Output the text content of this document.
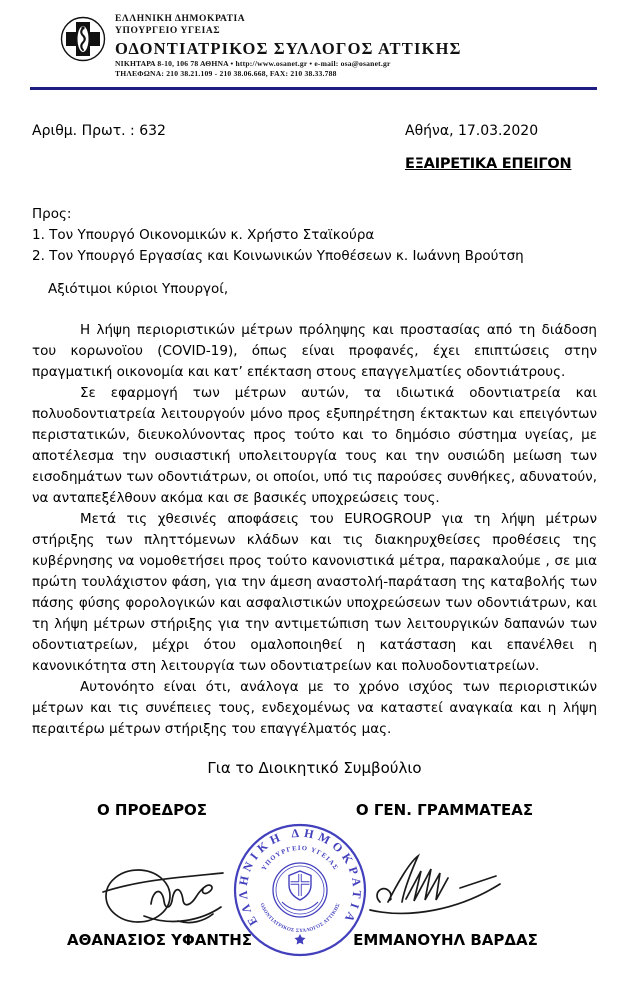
ΕΛΛΗΝΙΚΗ ΔΗΜΟΚΡΑΤΙΑ
ΥΠΟΥΡΓΕΙΟ ΥΓΕΙΑΣ
ΟΔΟΝΤΙΑΤΡΙΚΟΣ ΣΥΛΛΟΓΟΣ ΑΤΤΙΚΗΣ
ΝΙΚΗΤΑΡΑ 8-10, 106 78 ΑΘΗΝΑ • http://www.osanet.gr • e-mail: osa@osanet.gr
ΤΗΛΕΦΩΝΑ: 210 38.21.109 - 210 38.06.668, FAX: 210 38.33.788
Αριθμ. Πρωτ. : 632	Αθήνα, 17.03.2020
ΕΞΑΙΡΕΤΙΚΑ ΕΠΕΙΓΟΝ
Προς:
1. Τον Υπουργό Οικονομικών κ. Χρήστο Σταϊκούρα
2. Τον Υπουργό Εργασίας και Κοινωνικών Υποθέσεων κ. Ιωάννη Βρούτση
Αξιότιμοι κύριοι Υπουργοί,

Η λήψη περιοριστικών μέτρων πρόληψης και προστασίας από τη διάδοση του κορωνοϊου (COVID-19), όπως είναι προφανές, έχει επιπτώσεις στην πραγματική οικονομία και κατ’ επέκταση στους επαγγελματίες οδοντιάτρους.

Σε εφαρμογή των μέτρων αυτών, τα ιδιωτικά οδοντιατρεία και πολυοδοντιατρεία λειτουργούν μόνο προς εξυπηρέτηση έκτακτων και επειγόντων περιστατικών, διευκολύνοντας προς τούτο και το δημόσιο σύστημα υγείας, με αποτέλεσμα την ουσιαστική υπολειτουργία τους και την ουσιώδη μείωση των εισοδημάτων των οδοντιάτρων, οι οποίοι, υπό τις παρούσες συνθήκες, αδυνατούν, να ανταπεξέλθουν ακόμα και σε βασικές υποχρεώσεις τους.

Μετά τις χθεσινές αποφάσεις του EUROGROUP για τη λήψη μέτρων στήριξης των πληττόμενων κλάδων και τις διακηρυχθείσες προθέσεις της κυβέρνησης να νομοθετήσει προς τούτο κανονιστικά μέτρα, παρακαλούμε , σε μια πρώτη τουλάχιστον φάση, για την άμεση αναστολή-παράταση της καταβολής των πάσης φύσης φορολογικών και ασφαλιστικών υποχρεώσεων των οδοντιάτρων, και τη λήψη μέτρων στήριξης για την αντιμετώπιση των λειτουργικών δαπανών των οδοντιατρείων, μέχρι ότου ομαλοποιηθεί η κατάσταση και επανέλθει η κανονικότητα στη λειτουργία των οδοντιατρείων και πολυοδοντιατρείων.

Αυτονόητο είναι ότι, ανάλογα με το χρόνο ισχύος των περιοριστικών μέτρων και τις συνέπειες τους, ενδεχομένως να καταστεί αναγκαία και η λήψη περαιτέρω μέτρων στήριξης του επαγγέλματός μας.

Για το Διοικητικό Συμβούλιο
Ο ΠΡΟΕΔΡΟΣ	Ο ΓΕΝ. ΓΡΑΜΜΑΤΕΑΣ
ΕΛΛΗΝΙΚΗ ΔΗΜΟΚΡΑΤΙΑ
ΥΠΟΥΡΓΕΙΟ ΥΓΕΙΑΣ
ΟΔΟΝΤΙΑΤΡΙΚΟΣ ΣΥΛΛΟΓΟΣ ΑΤΤΙΚΗΣ
ΑΘΑΝΑΣΙΟΣ ΥΦΑΝΤΗΣ	ΕΜΜΑΝΟΥΗΛ ΒΑΡΔΑΣ
